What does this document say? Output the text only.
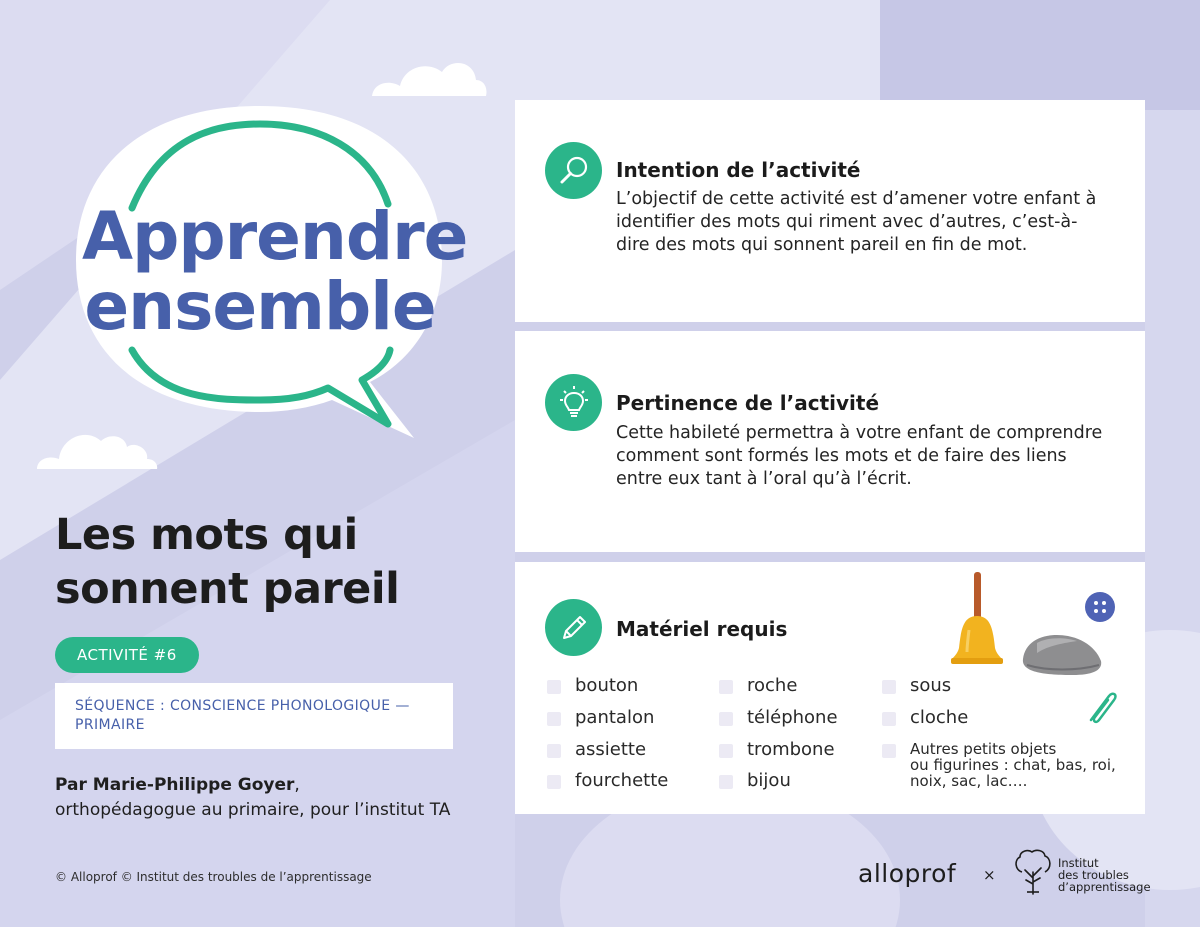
Apprendre
ensemble
Les mots qui sonnent pareil
ACTIVITÉ #6
SÉQUENCE : CONSCIENCE PHONOLOGIQUE — PRIMAIRE
Par Marie-Philippe Goyer,
orthopédagogue au primaire, pour l’institut TA
Intention de l’activité
L’objectif de cette activité est d’amener votre enfant à identifier des mots qui riment avec d’autres, c’est-à-dire des mots qui sonnent pareil en fin de mot.
Pertinence de l’activité
Cette habileté permettra à votre enfant de comprendre comment sont formés les mots et de faire des liens entre eux tant à l’oral qu’à l’écrit.
Matériel requis
bouton
pantalon
assiette
fourchette
roche
téléphone
trombone
bijou
sous
cloche
Autres petits objets
ou figurines : chat, bas, roi,
noix, sac, lac….
© Alloprof © Institut des troubles de l’apprentissage	alloprof ×
Institut
des troubles
d’apprentissage
